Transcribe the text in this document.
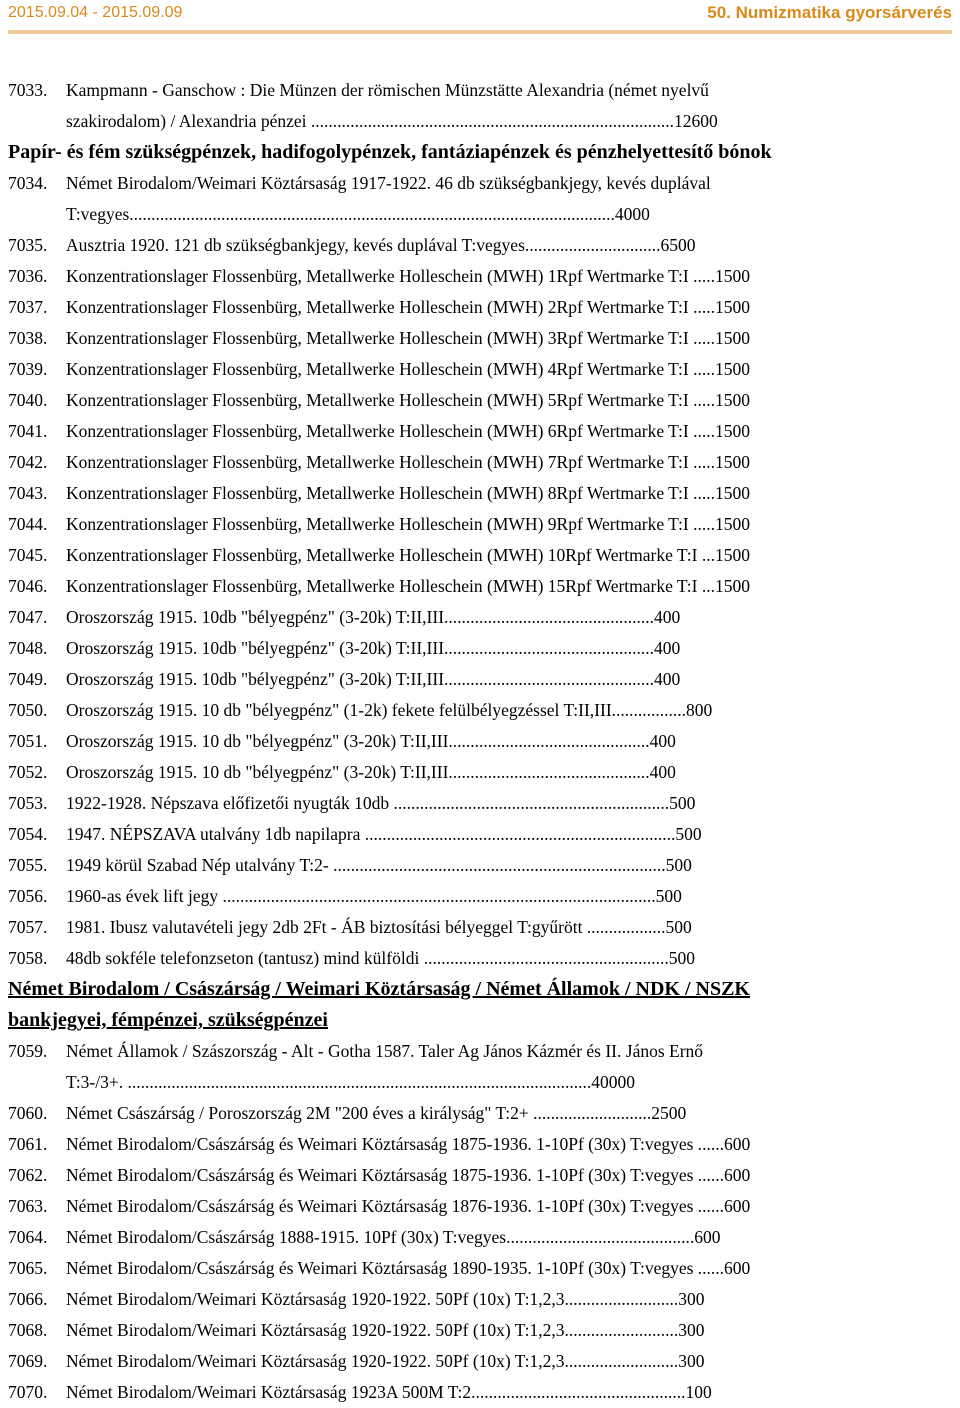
2015.09.04 - 2015.09.09	50. Numizmatika gyorsárverés
7033. Kampmann - Ganschow : Die Münzen der römischen Münzstätte Alexandria (német nyelvű
szakirodalom) / Alexandria pénzei ...................................................................................12600
Papír- és fém szükségpénzek, hadifogolypénzek, fantáziapénzek és pénzhelyettesítő bónok
7034. Német Birodalom/Weimari Köztársaság 1917-1922. 46 db szükségbankjegy, kevés duplával
T:vegyes...............................................................................................................4000
7035. Ausztria 1920. 121 db szükségbankjegy, kevés duplával T:vegyes...............................6500
7036. Konzentrationslager Flossenbürg, Metallwerke Holleschein (MWH) 1Rpf Wertmarke T:I .....1500
7037. Konzentrationslager Flossenbürg, Metallwerke Holleschein (MWH) 2Rpf Wertmarke T:I .....1500
7038. Konzentrationslager Flossenbürg, Metallwerke Holleschein (MWH) 3Rpf Wertmarke T:I .....1500
7039. Konzentrationslager Flossenbürg, Metallwerke Holleschein (MWH) 4Rpf Wertmarke T:I .....1500
7040. Konzentrationslager Flossenbürg, Metallwerke Holleschein (MWH) 5Rpf Wertmarke T:I .....1500
7041. Konzentrationslager Flossenbürg, Metallwerke Holleschein (MWH) 6Rpf Wertmarke T:I .....1500
7042. Konzentrationslager Flossenbürg, Metallwerke Holleschein (MWH) 7Rpf Wertmarke T:I .....1500
7043. Konzentrationslager Flossenbürg, Metallwerke Holleschein (MWH) 8Rpf Wertmarke T:I .....1500
7044. Konzentrationslager Flossenbürg, Metallwerke Holleschein (MWH) 9Rpf Wertmarke T:I .....1500
7045. Konzentrationslager Flossenbürg, Metallwerke Holleschein (MWH) 10Rpf Wertmarke T:I ...1500
7046. Konzentrationslager Flossenbürg, Metallwerke Holleschein (MWH) 15Rpf Wertmarke T:I ...1500
7047. Oroszország 1915. 10db "bélyegpénz" (3-20k) T:II,III................................................400
7048. Oroszország 1915. 10db "bélyegpénz" (3-20k) T:II,III................................................400
7049. Oroszország 1915. 10db "bélyegpénz" (3-20k) T:II,III................................................400
7050. Oroszország 1915. 10 db "bélyegpénz" (1-2k) fekete felülbélyegzéssel T:II,III.................800
7051. Oroszország 1915. 10 db "bélyegpénz" (3-20k) T:II,III..............................................400
7052. Oroszország 1915. 10 db "bélyegpénz" (3-20k) T:II,III..............................................400
7053. 1922-1928. Népszava előfizetői nyugták 10db ...............................................................500
7054. 1947. NÉPSZAVA utalvány 1db napilapra .......................................................................500
7055. 1949 körül Szabad Nép utalvány T:2- ............................................................................500
7056. 1960-as évek lift jegy ...................................................................................................500
7057. 1981. Ibusz valutavételi jegy 2db 2Ft - ÁB biztosítási bélyeggel T:gyűrött ..................500
7058. 48db sokféle telefonzseton (tantusz) mind külföldi ........................................................500
Német Birodalom / Császárság / Weimari Köztársaság / Német Államok / NDK / NSZK
bankjegyei, fémpénzei, szükségpénzei
7059. Német Államok / Szászország - Alt - Gotha 1587. Taler Ag János Kázmér és II. János Ernő
T:3-/3+. ..........................................................................................................40000
7060. Német Császárság / Poroszország 2M "200 éves a királyság" T:2+ ...........................2500
7061. Német Birodalom/Császárság és Weimari Köztársaság 1875-1936. 1-10Pf (30x) T:vegyes ......600
7062. Német Birodalom/Császárság és Weimari Köztársaság 1875-1936. 1-10Pf (30x) T:vegyes ......600
7063. Német Birodalom/Császárság és Weimari Köztársaság 1876-1936. 1-10Pf (30x) T:vegyes ......600
7064. Német Birodalom/Császárság 1888-1915. 10Pf (30x) T:vegyes...........................................600
7065. Német Birodalom/Császárság és Weimari Köztársaság 1890-1935. 1-10Pf (30x) T:vegyes ......600
7066. Német Birodalom/Weimari Köztársaság 1920-1922. 50Pf (10x) T:1,2,3..........................300
7068. Német Birodalom/Weimari Köztársaság 1920-1922. 50Pf (10x) T:1,2,3..........................300
7069. Német Birodalom/Weimari Köztársaság 1920-1922. 50Pf (10x) T:1,2,3..........................300
7070. Német Birodalom/Weimari Köztársaság 1923A 500M T:2.................................................100
